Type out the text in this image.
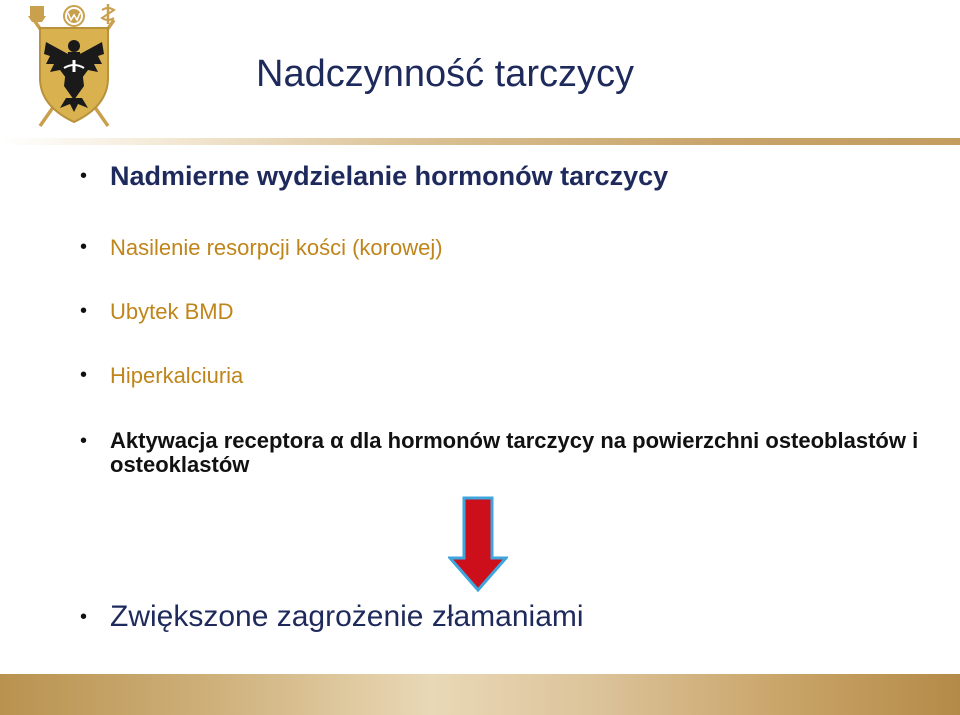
Nadczynność tarczycy
• Nadmierne wydzielanie hormonów tarczycy
•	Nasilenie resorpcji kości (korowej)
•	Ubytek BMD
•	Hiperkalciuria
•	Aktywacja receptora α dla hormonów tarczycy na powierzchni osteoblastów i osteoklastów
• Zwiększone zagrożenie złamaniami
